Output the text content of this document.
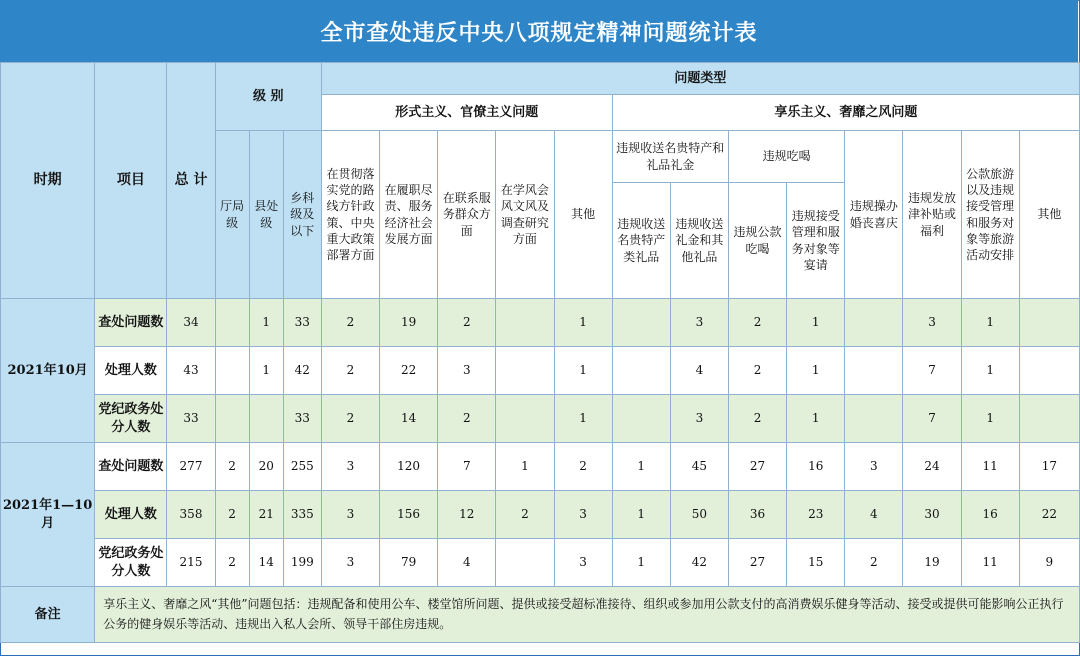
全市查处违反中央八项规定精神问题统计表
时期	项目	总 计	级 别			问题类型												
						形式主义、官僚主义问题					享乐主义、奢靡之风问题							
			厅局级	县处级	乡科级及以下	在贯彻落实党的路线方针政策、中央重大政策部署方面	在履职尽责、服务经济社会发展方面	在联系服务群众方面	在学风会风文风及调查研究方面	其他	违规收送名贵特产和礼品礼金		违规吃喝		违规操办婚丧喜庆	违规发放津补贴或福利	公款旅游以及违规接受管理和服务对象等旅游活动安排	其他
											违规收送名贵特产类礼品	违规收送礼金和其他礼品	违规公款吃喝	违规接受管理和服务对象等宴请				
2021年10月	查处问题数	34		1	33	2	19	2		1		3	2	1		3	1	
	处理人数	43		1	42	2	22	3		1		4	2	1		7	1	
	党纪政务处分人数	33			33	2	14	2		1		3	2	1		7	1	
2021年1—10月	查处问题数	277	2	20	255	3	120	7	1	2	1	45	27	16	3	24	11	17
	处理人数	358	2	21	335	3	156	12	2	3	1	50	36	23	4	30	16	22
	党纪政务处分人数	215	2	14	199	3	79	4		3	1	42	27	15	2	19	11	9
备注	享乐主义、奢靡之风“其他”问题包括：违规配备和使用公车、楼堂馆所问题、提供或接受超标准接待、组织或参加用公款支付的高消费娱乐健身等活动、接受或提供可能影响公正执行公务的健身娱乐等活动、违规出入私人会所、领导干部住房违规。																	
